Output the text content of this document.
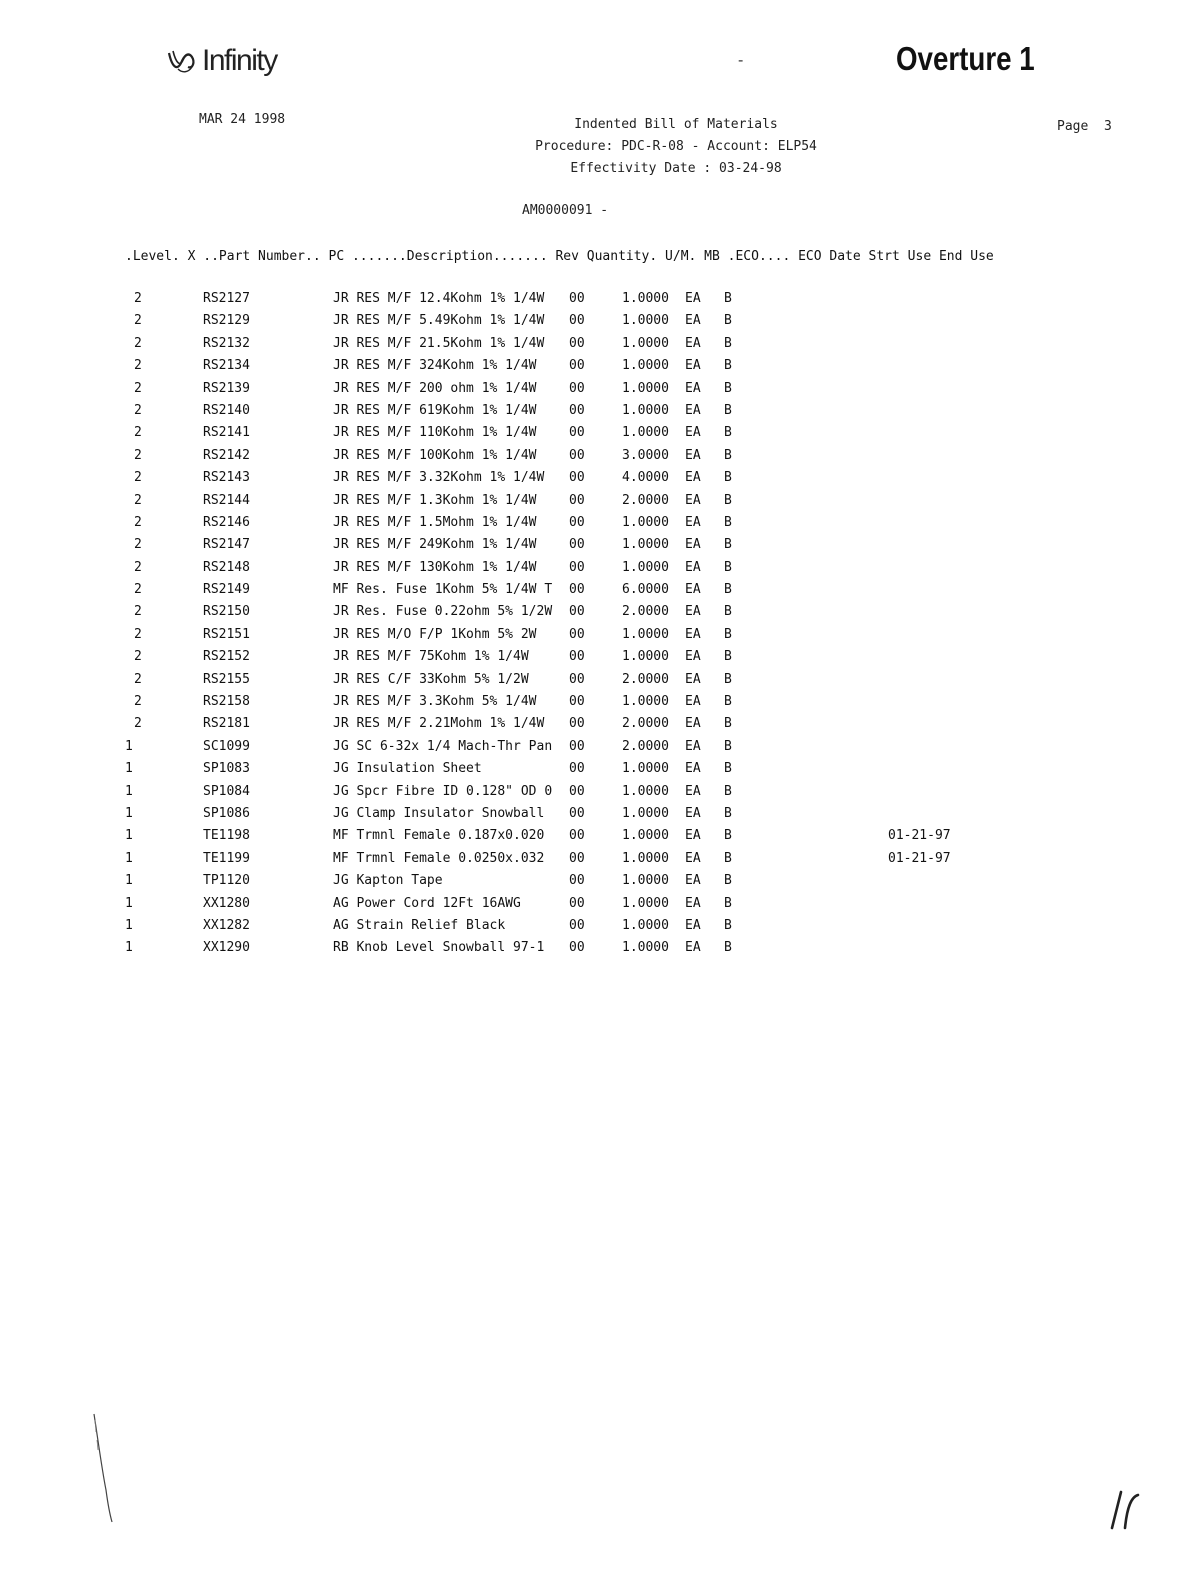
Infinity	-	Overture 1
MAR 24 1998	Indented Bill of Materials
Procedure: PDC-R-08 - Account: ELP54
Effectivity Date : 03-24-98
Page  3
AM0000091 -
.Level. X ..Part Number.. PC .......Description....... Rev Quantity. U/M. MB .ECO.... ECO Date Strt Use End Use
2	RS2127	JR RES M/F 12.4Kohm 1% 1/4W 00	1.0000 EA B
2	RS2129	JR RES M/F 5.49Kohm 1% 1/4W 00	1.0000 EA B
2	RS2132	JR RES M/F 21.5Kohm 1% 1/4W 00	1.0000 EA B
2	RS2134	JR RES M/F 324Kohm 1% 1/4W	00	1.0000 EA B
2	RS2139	JR RES M/F 200 ohm 1% 1/4W	00	1.0000 EA B
2	RS2140	JR RES M/F 619Kohm 1% 1/4W	00	1.0000 EA B
2	RS2141	JR RES M/F 110Kohm 1% 1/4W	00	1.0000 EA B
2	RS2142	JR RES M/F 100Kohm 1% 1/4W	00	3.0000 EA B
2	RS2143	JR RES M/F 3.32Kohm 1% 1/4W 00	4.0000 EA B
2	RS2144	JR RES M/F 1.3Kohm 1% 1/4W	00	2.0000 EA B
2	RS2146	JR RES M/F 1.5Mohm 1% 1/4W	00	1.0000 EA B
2	RS2147	JR RES M/F 249Kohm 1% 1/4W	00	1.0000 EA B
2	RS2148	JR RES M/F 130Kohm 1% 1/4W	00	1.0000 EA B
2	RS2149	MF Res. Fuse 1Kohm 5% 1/4W T 00	6.0000 EA B
2	RS2150	JR Res. Fuse 0.22ohm 5% 1/2W 00	2.0000 EA B
2	RS2151	JR RES M/O F/P 1Kohm 5% 2W	00	1.0000 EA B
2	RS2152	JR RES M/F 75Kohm 1% 1/4W	00	1.0000 EA B
2	RS2155	JR RES C/F 33Kohm 5% 1/2W	00	2.0000 EA B
2	RS2158	JR RES M/F 3.3Kohm 5% 1/4W	00	1.0000 EA B
2	RS2181	JR RES M/F 2.21Mohm 1% 1/4W 00	2.0000 EA B
1	SC1099	JG SC 6-32x 1/4 Mach-Thr Pan 00	2.0000 EA B
1	SP1083	JG Insulation Sheet	00	1.0000 EA B
1	SP1084	JG Spcr Fibre ID 0.128" OD 0 00	1.0000 EA B
1	SP1086	JG Clamp Insulator Snowball 00	1.0000 EA B
1	TE1198	MF Trmnl Female 0.187x0.020 00	1.0000 EA B	01-21-97
1	TE1199	MF Trmnl Female 0.0250x.032 00	1.0000 EA B	01-21-97
1	TP1120	JG Kapton Tape	00	1.0000 EA B
1	XX1280	AG Power Cord 12Ft 16AWG	00	1.0000 EA B
1	XX1282	AG Strain Relief Black	00	1.0000 EA B
1	XX1290	RB Knob Level Snowball 97-1 00	1.0000 EA B
